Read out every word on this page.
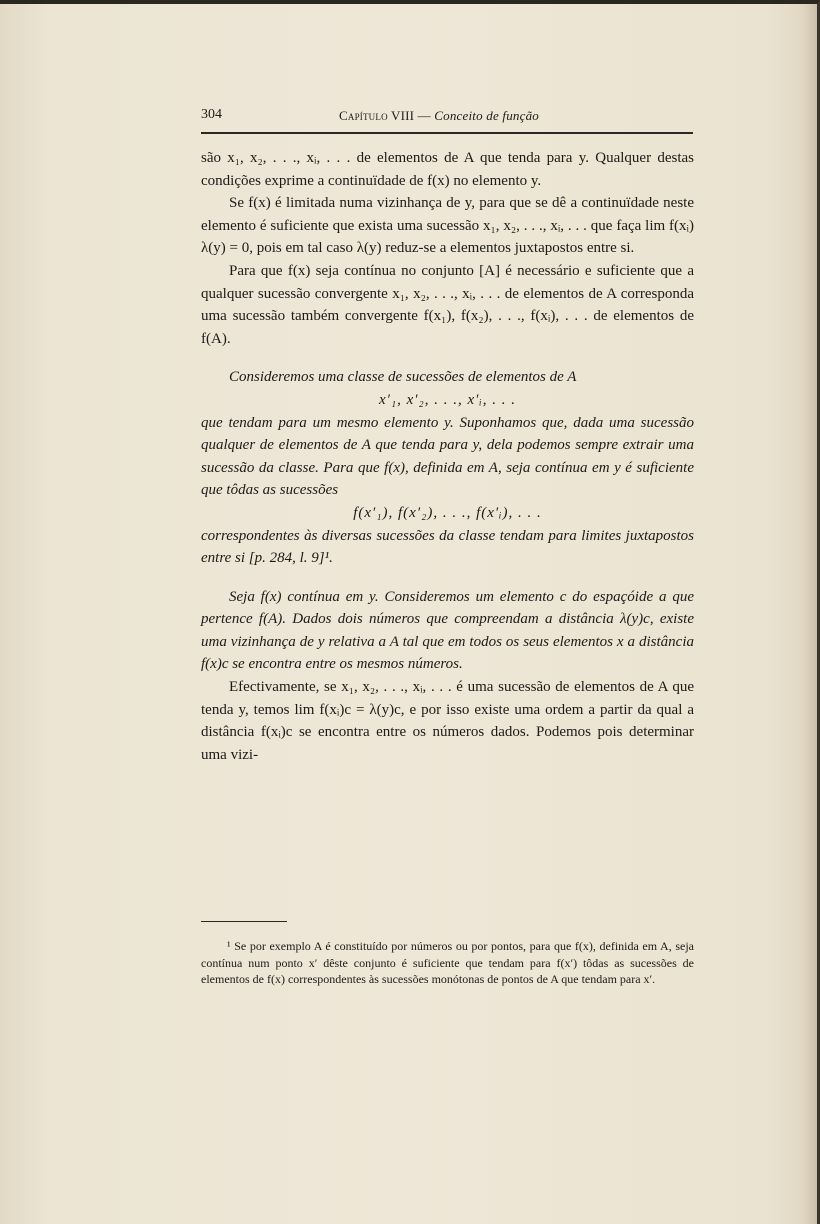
304	Capítulo VIII — Conceito de função

são x₁, x₂, . . ., xᵢ, . . . de elementos de A que tenda para y. Qualquer destas condições exprime a continuïdade de f(x) no elemento y.

Se f(x) é limitada numa vizinhança de y, para que se dê a continuïdade neste elemento é suficiente que exista uma sucessão x₁, x₂, . . ., xᵢ, . . . que faça lim f(xᵢ) λ(y) = 0, pois em tal caso λ(y) reduz-se a elementos juxtapostos entre si.

Para que f(x) seja contínua no conjunto [A] é necessário e suficiente que a qualquer sucessão convergente x₁, x₂, . . ., xᵢ, . . . de elementos de A corresponda uma sucessão também convergente f(x₁), f(x₂), . . ., f(xᵢ), . . . de elementos de f(A).

Consideremos uma classe de sucessões de elementos de A

x′₁, x′₂, . . ., x′ᵢ, . . .

que tendam para um mesmo elemento y. Suponhamos que, dada uma sucessão qualquer de elementos de A que tenda para y, dela podemos sempre extrair uma sucessão da classe. Para que f(x), definida em A, seja contínua em y é suficiente que tôdas as sucessões

f(x′₁), f(x′₂), . . ., f(x′ᵢ), . . .

correspondentes às diversas sucessões da classe tendam para limites juxtapostos entre si [p. 284, l. 9]¹.

Seja f(x) contínua em y. Consideremos um elemento c do espaçóide a que pertence f(A). Dados dois números que compreendam a distância λ(y)c, existe uma vizinhança de y relativa a A tal que em todos os seus elementos x a distância f(x)c se encontra entre os mesmos números.

Efectivamente, se x₁, x₂, . . ., xᵢ, . . . é uma sucessão de elementos de A que tenda y, temos lim f(xᵢ)c = λ(y)c, e por isso existe uma ordem a partir da qual a distância f(xᵢ)c se encontra entre os números dados. Podemos pois determinar uma vizi-

¹ Se por exemplo A é constituído por números ou por pontos, para que f(x), definida em A, seja contínua num ponto x′ dêste conjunto é suficiente que tendam para f(x′) tôdas as sucessões de elementos de f(x) correspondentes às sucessões monótonas de pontos de A que tendam para x′.
